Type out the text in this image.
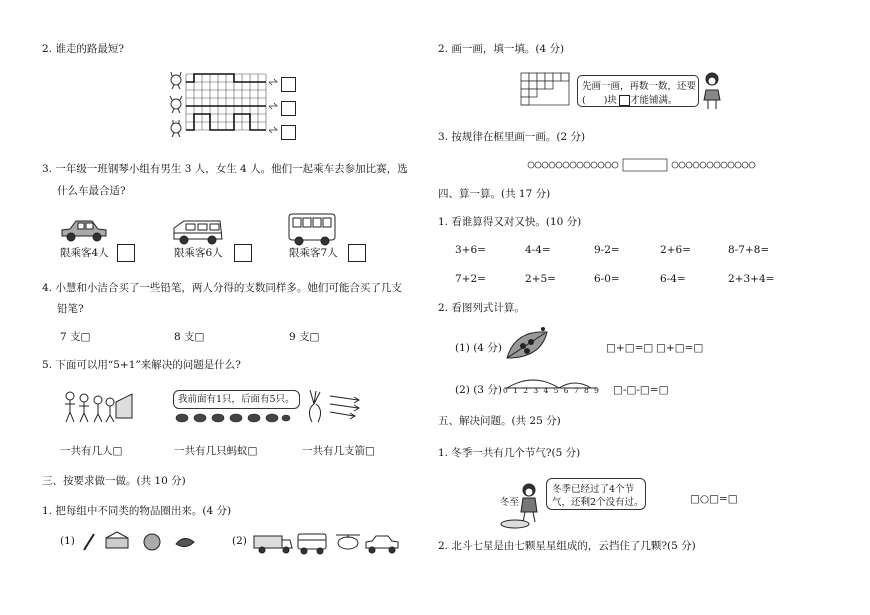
2. 谁走的路最短?
3. 一年级一班钢琴小组有男生 3 人，女生 4 人。他们一起乘车去参加比赛，选
什么车最合适?
限乘客4人	限乘客6人	限乘客7人
4. 小慧和小洁合买了一些铅笔，两人分得的支数同样多。她们可能合买了几支
铅笔?
7 支□	8 支□	9 支□
5. 下面可以用“5+1”来解决的问题是什么?
我前面有1只，后面有5只。
一共有几人□	一共有几只蚂蚁□	一共有几支箭□
三、按要求做一做。(共 10 分)
1. 把每组中不同类的物品圈出来。(4 分)
(1)	(2)
2. 画一画，填一填。(4 分)
先画一画，再数一数，还要
( )块 才能铺满。
3. 按规律在框里画一画。(2 分)
四、算一算。(共 17 分)
1. 看谁算得又对又快。(10 分)
3+6=	4-4=	9-2=	2+6=	8-7+8=
7+2=	2+5=	6-0=	6-4=	2+3+4=
2. 看图列式计算。
(1) (4 分)	□+□=□ □+□=□
(2) (3 分) 0 1 2 3 4 5 6 7 8 9 □-□-□=□
五、解决问题。(共 25 分)
1. 冬季一共有几个节气?(5 分)
冬至
冬季已经过了4个节
气，还剩2个没有过。	□○□=□
2. 北斗七星是由七颗星星组成的，云挡住了几颗?(5 分)
